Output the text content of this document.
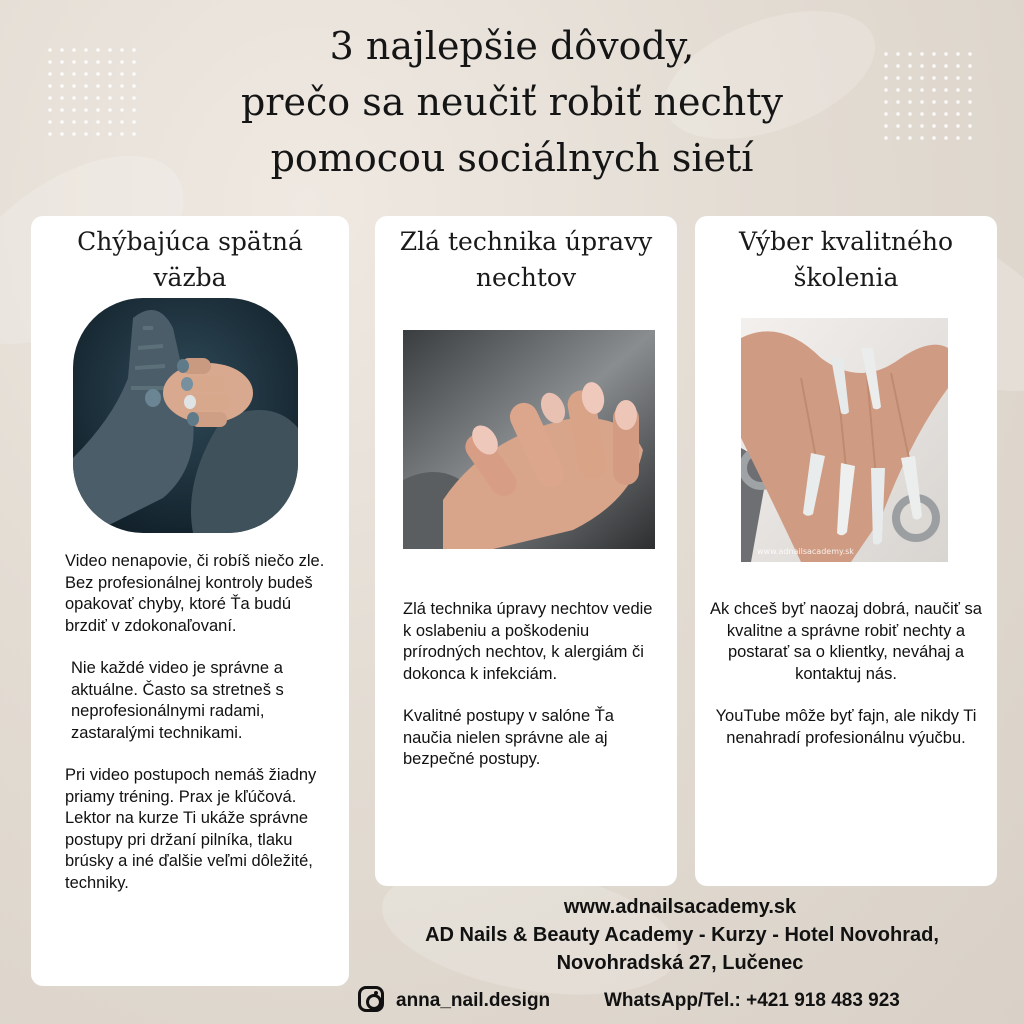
3 najlepšie dôvody,
prečo sa neučiť robiť nechty
pomocou sociálnych sietí
Chýbajúca spätná
väzba

Video nenapovie, či robíš niečo zle. Bez profesionálnej kontroly budeš opakovať chyby, ktoré Ťa budú brzdiť v zdokonaľovaní.

Nie každé video je správne a aktuálne. Často sa stretneš s neprofesionálnymi radami, zastaralými technikami.

Pri video postupoch nemáš žiadny priamy tréning. Prax je kľúčová. Lektor na kurze Ti ukáže správne postupy pri držaní pilníka, tlaku brúsky a iné ďalšie veľmi dôležité, techniky.

Zlá technika úpravy
nechtov

Zlá technika úpravy nechtov vedie k oslabeniu a poškodeniu prírodných nechtov, k alergiám či dokonca k infekciám.

Kvalitné postupy v salóne Ťa naučia nielen správne ale aj bezpečné postupy.

Výber kvalitného
školenia
www.adnailsacademy.sk

Ak chceš byť naozaj dobrá, naučiť sa kvalitne a správne robiť nechty a postarať sa o klientky, neváhaj a kontaktuj nás.

YouTube môže byť fajn, ale nikdy Ti nenahradí profesionálnu výučbu.

www.adnailsacademy.sk
AD Nails & Beauty Academy - Kurzy - Hotel Novohrad,
Novohradská 27, Lučenec
anna_nail.design	WhatsApp/Tel.: +421 918 483 923
